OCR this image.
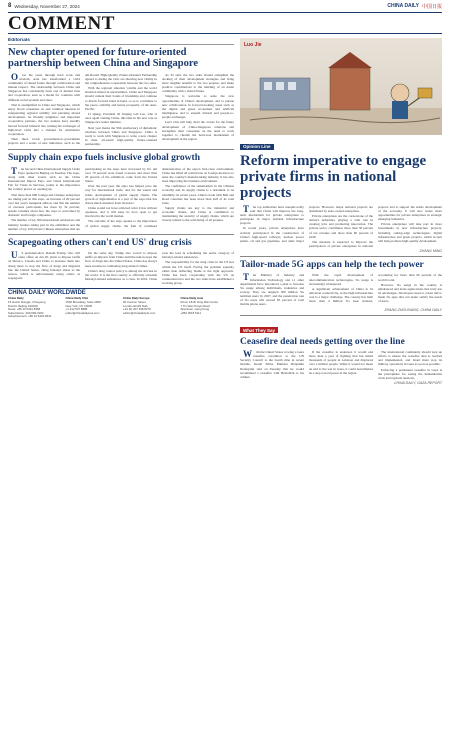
8 Wednesday, November 27, 2024	CHINA DAILY 中国日报
COMMENT
Editorials
New chapter opened for future-oriented partnership between China and Singapore

Over the years through hard work and wisdom, Asia has transformed a vivid community of shared future through collaboration and mutual respect. The relationship between China and Singapore has consistently been one of mutual trust and cooperation, seen as a model for countries with different social systems and sizes.

That is exemplified in China and Singapore, which enjoy broad consensus on and common interests in safeguarding regional stability and pursuing shared development. As friendly neighbors and important cooperative partners, the two nations have steadily moved forward bilateral ties, turning the exchanges of high-level visits into a channel for substantive cooperation.

Their three iconic government-to-government projects and a series of new initiatives, such as the All-Round High-Quality Future-Oriented Partnership agreed to during the visit, are showing new vitality in the comprehensive cooperation between the two sides.

With the regional situation volatile and the world situation mixed in uncertainties, China and Singapore should cement their bonds of friendship and continue to march forward hand in hand, so as to contribute to the peace, stability and future prosperity of the Asia-Pacific.

Li Qiang, President Xi Jinping told Lee, who is once again visiting China, this time in his new role as Singapore's senior minister.

Next year marks the 35th anniversary of diplomatic relations between China and Singapore. China is ready to work with Singapore to write a new chapter in their all-round high-quality future-oriented partnership.

As Xi said, the two sides should strengthen the docking of their development strategies and bring more tangible benefits to the two peoples, and make positive contributions to the building of an Asian community with a shared future.

Singapore is welcome to seize the new opportunities of China's development, and to pursue new collaboration in forward-looking areas such as the digital and green economies and artificial intelligence, and to expand cultural and people-to-people exchanges.

Lee's visit will help chart the course for the future development of China-Singapore relations and strengthen their consensus on the need to work together to cherish the hard-won momentum of development in the region.

Supply chain expo fuels inclusive global growth

The Second China International Supply Chain Expo opened in Beijing on Tuesday. The expo, along with other events such as the China International Import Expo and China International Fair for Trade in Services, points to the importance the country places on opening up.

That more than 600 foreign and Chinese enterprises are taking part in this expo, an increase of 20 percent over last year's inaugural edition, and that the number of overseas participants has risen by 32 percent, speaks volumes about how the expo is welcomed by domestic and foreign companies.

The number of top 500 international enterprises and industry leaders taking part in the exhibition and the number of top 100 private Chinese enterprises that are participating in the expo have increased by 62. All over 70 percent were based overseas and more than 20 percent of the exhibitors come from the United States.

Over the past year, the expo has helped pave the way for international trade, and for the sound and stable development of global supply chains. The growth of digitalization is a part of the expo that has drawn much attention from investors.

China would not have achieved what it has without openness, and it will keep its door open to get involved in the world market.

The outcome of the expo speaks to the importance of global supply chains, the fruit of continued demonstration of the expo's first-class environment. China has lifted all restrictions on foreign investors to enter the country's manufacturing industry. It has also been improving the business environment.

The confidence of the stakeholders in the Chinese economy and its supply chains is a testament to its reliability. In recent years, China's trade with Belt and Road countries has been more than half of its total trade.

Supply chains are key to the industrial and economic chains, and China is committed to maintaining the security of supply chains, which are closely related to the well-being of all peoples.

Scapegoating others can't end US' drug crisis

US president-elect Donald Trump, who will enter office on Jan 20, plans to impose tariffs on Mexico, Canada and China to pressure them into doing more to stop the flow of drugs and migrants into the United States, citing fentanyl abuse as the reason, which is unfortunately using others as scapegoats.

On the same day, Trump also vowed to impose tariffs on imports from China until the nation stops the flow of drugs into the United States. China has always been resolute in combating drug-related crimes.

China's drug control policy is among the strictest in the world. It is the first country to officially schedule fentanyl-related substances as a class. In 2019, China took the lead in scheduling the entire category of fentanyl-related substances.

The responsibility for the drug crisis in the US lies within the US itself. Facing the problem squarely rather than deflecting blame is the right approach. China has been cooperating with the US on counternarcotics and the two sides have established a working group.

CHINA DAILY WORLDWIDE
China Daily
15 Huixin Dongjie, Chaoyang
District, Beijing 100029
News: +86 10 6491 8366
Subscription: 400-699-0203
Advertisement: +86 10 6491 8631
China Daily USA
1500 Broadway, Suite 2800
New York, NY 10036
+1 212 537 8888
editor@chinadailyusa.com
China Daily Europe
90 Cannon Street
London EC4N 6HA
+44 (0) 207 398 8270
editor@chinadailyuk.com
China Daily Asia
Room 1818, Hing Wai Centre
7 Tin Wan Praya Road
Aberdeen, Hong Kong
+852 2518 5111
Luo Jie
Opinion Line
Reform imperative to engage private firms in national projects

The top authorities have unequivocally said that China will improve the long-term mechanism for private enterprises to participate in major national infrastructure projects.

In recent years, private enterprises have actively participated in the construction of China's high-speed railways, nuclear power plants, oil and gas pipelines, and other major projects. However, major national projects are dominated by state-owned enterprises.

Private enterprises are the cornerstone of the nation's industries, playing a vital role in creating jobs and promoting innovation. The private sector contributes more than 50 percent of tax revenue and more than 60 percent of GDP.

The measure is expected to improve the participation of private enterprises in national projects and to support the stable development of the economy. It will also create more opportunities for private enterprises in strategic emerging industries.

Private enterprises will take part in more investments in new infrastructure projects, including cutting-edge technologies, digital infrastructure and green projects, which in turn will help promote high-quality development.

ZHANG MING
Tailor-made 5G apps can help the tech power

The Ministry of Industry and Information Technology and 11 other departments have introduced a plan to increase 5G usage among individuals, industries and society. They are targeted 300 million 5G terminal users by 2027, and the penetration rate of 5G users will exceed 85 percent of total mobile phone users.

With the rapid development of telecommunication technologies, 5G usage is increasingly widespread.

A significant achievement of China is its universal connectivity, as the high infrastructure cost is a major challenge. The country has built more than 4 million 5G base stations, accounting for more than 60 percent of the world's total.

However, 5G usage in the country is unbalanced and lacks applications that truly use its advantages. Developers need to create tailor-made 5G apps that can better satisfy the needs of users.

ZHANG ZHOUXIANG, CHINA DAILY
What They Say
Ceasefire deal needs getting over the line

With the United States vowing a Gaza ceasefire resolution at the UN Security Council to the fourth time in recent months, Israeli Prime Minister Benjamin Netanyahu said on Tuesday that he would recommend a ceasefire with Hezbollah to his cabinet.

If the ceasefire is endorsed, it would end more than a year of fighting that has killed thousands of people in Lebanon and displaced over a million people. While it would not mean an end to the war in Gaza, it could nevertheless be a step toward peace in the region.

The international community should step up efforts to ensure the ceasefire deal is reached and implemented, and Israel must stop its military operations in Gaza as soon as possible.

Enforcing a permanent ceasefire in Gaza is the prerequisite for easing the humanitarian crisis and regional tensions.

CHINA DAILY, GAZA REPORT
